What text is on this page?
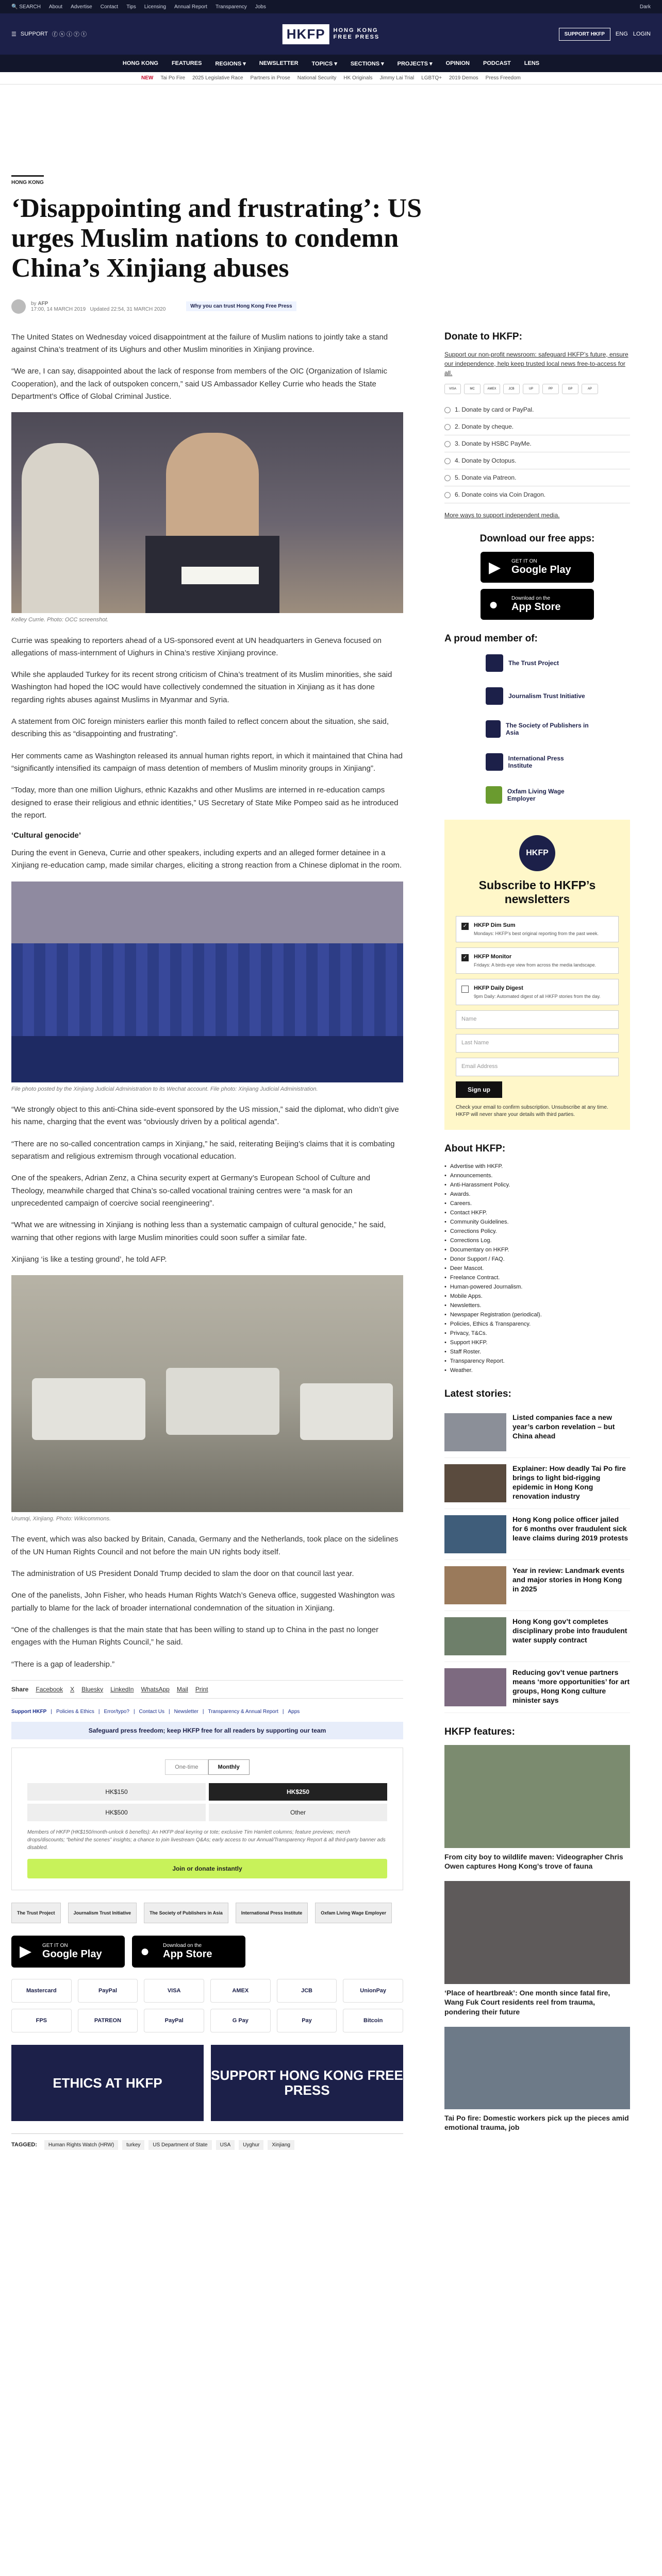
🔍 SEARCH About Advertise Contact Tips Licensing Annual Report Transparency Jobs	Dark
☰ SUPPORT ⓕ ⓧ ⓘ ⓨ ⓣ	HKFP	HONG KONG
FREE PRESS	SUPPORT HKFP	ENG LOGIN
HONG KONG FEATURES REGIONS ▾ NEWSLETTER TOPICS ▾ SECTIONS ▾ PROJECTS ▾ OPINION PODCAST LENS
NEW Tai Po Fire 2025 Legislative Race Partners in Prose National Security HK Originals Jimmy Lai Trial LGBTQ+ 2019 Demos Press Freedom
HONG KONG
‘Disappointing and frustrating’: US urges Muslim nations to condemn China’s Xinjiang abuses
by AFP
17:00, 14 MARCH 2019 Updated 22:54, 31 MARCH 2020	Why you can trust Hong Kong Free Press

The United States on Wednesday voiced disappointment at the failure of Muslim nations to jointly take a stand against China’s treatment of its Uighurs and other Muslim minorities in Xinjiang province.

“We are, I can say, disappointed about the lack of response from members of the OIC (Organization of Islamic Cooperation), and the lack of outspoken concern,” said US Ambassador Kelley Currie who heads the State Department’s Office of Global Criminal Justice.

Kelley Currie. Photo: OCC screenshot.

Currie was speaking to reporters ahead of a US-sponsored event at UN headquarters in Geneva focused on allegations of mass-internment of Uighurs in China’s restive Xinjiang province.

While she applauded Turkey for its recent strong criticism of China’s treatment of its Muslim minorities, she said Washington had hoped the IOC would have collectively condemned the situation in Xinjiang as it has done regarding rights abuses against Muslims in Myanmar and Syria.

A statement from OIC foreign ministers earlier this month failed to reflect concern about the situation, she said, describing this as “disappointing and frustrating”.

Her comments came as Washington released its annual human rights report, in which it maintained that China had “significantly intensified its campaign of mass detention of members of Muslim minority groups in Xinjiang”.

“Today, more than one million Uighurs, ethnic Kazakhs and other Muslims are interned in re-education camps designed to erase their religious and ethnic identities,” US Secretary of State Mike Pompeo said as he introduced the report.

‘Cultural genocide’

During the event in Geneva, Currie and other speakers, including experts and an alleged former detainee in a Xinjiang re-education camp, made similar charges, eliciting a strong reaction from a Chinese diplomat in the room.

File photo posted by the Xinjiang Judicial Administration to its Wechat account. File photo: Xinjiang Judicial Administration.

“We strongly object to this anti-China side-event sponsored by the US mission,” said the diplomat, who didn’t give his name, charging that the event was “obviously driven by a political agenda”.

“There are no so-called concentration camps in Xinjiang,” he said, reiterating Beijing’s claims that it is combating separatism and religious extremism through vocational education.

One of the speakers, Adrian Zenz, a China security expert at Germany’s European School of Culture and Theology, meanwhile charged that China’s so-called vocational training centres were “a mask for an unprecedented campaign of coercive social reengineering”.

“What we are witnessing in Xinjiang is nothing less than a systematic campaign of cultural genocide,” he said, warning that other regions with large Muslim minorities could soon suffer a similar fate.

Xinjiang ‘is like a testing ground’, he told AFP.

Urumqi, Xinjiang. Photo: Wikicommons.

The event, which was also backed by Britain, Canada, Germany and the Netherlands, took place on the sidelines of the UN Human Rights Council and not before the main UN rights body itself.

The administration of US President Donald Trump decided to slam the door on that council last year.

One of the panelists, John Fisher, who heads Human Rights Watch’s Geneva office, suggested Washington was partially to blame for the lack of broader international condemnation of the situation in Xinjiang.

“One of the challenges is that the main state that has been willing to stand up to China in the past no longer engages with the Human Rights Council,” he said.

“There is a gap of leadership.”

Share Facebook X Bluesky LinkedIn WhatsApp Mail Print
Support HKFP | Policies & Ethics | Error/typo? | Contact Us | Newsletter | Transparency & Annual Report | Apps
Safeguard press freedom; keep HKFP free for all readers by supporting our team
One-time	Monthly
HK$150	HK$250
HK$500	Other
Members of HKFP (HK$150/month-unlock 6 benefits): An HKFP deal keyring or tote; exclusive Tim Hamlett columns; feature previews; merch drops/discounts; “behind the scenes” insights; a chance to join livestream Q&As; early access to our Annual/Transparency Report & all third-party banner ads disabled.
Join or donate instantly
The Trust Project	Journalism Trust Initiative	The Society of Publishers in Asia	International Press Institute	Oxfam Living Wage Employer
▶	GET IT ON
Google Play	●	Download on the
App Store
Mastercard	PayPal	VISA	AMEX	JCB	UnionPay
FPS	PATREON	PayPal	G Pay	Pay	Bitcoin
ETHICS AT HKFP	SUPPORT HONG KONG FREE PRESS
TAGGED:	Human Rights Watch (HRW)	turkey	US Department of State	USA	Uyghur	Xinjiang
Donate to HKFP:

Support our non-profit newsroom: safeguard HKFP’s future, ensure our independence, help keep trusted local news free-to-access for all.

VISA	MC	AMEX	JCB	UP	PP	GP	AP
1. Donate by card or PayPal.
2. Donate by cheque.
3. Donate by HSBC PayMe.
4. Donate by Octopus.
5. Donate via Patreon.
6. Donate coins via Coin Dragon.

More ways to support independent media.

Download our free apps:
▶	GET IT ON
Google Play
●	Download on the
App Store
A proud member of:
The Trust Project
Journalism Trust Initiative
The Society of Publishers in Asia
International Press Institute
Oxfam Living Wage Employer
HKFP
Subscribe to HKFP’s newsletters
✓ HKFP Dim Sum
Mondays: HKFP’s best original reporting from the past week.
✓ HKFP Monitor
Fridays: A birds-eye view from across the media landscape.
HKFP Daily Digest
9pm Daily: Automated digest of all HKFP stories from the day.
Name
Last Name
Email Address
Sign up
Check your email to confirm subscription. Unsubscribe at any time. HKFP will never share your details with third parties.
About HKFP:
• Advertise with HKFP.
• Announcements.
• Anti-Harassment Policy.
• Awards.
• Careers.
• Contact HKFP.
• Community Guidelines.
• Corrections Policy.
• Corrections Log.
• Documentary on HKFP.
• Donor Support / FAQ.
• Deer Mascot.
• Freelance Contract.
• Human-powered Journalism.
• Mobile Apps.
• Newsletters.
• Newspaper Registration (periodical).
• Policies, Ethics & Transparency.
• Privacy, T&Cs.
• Support HKFP.
• Staff Roster.
• Transparency Report.
• Weather.
Latest stories:
Listed companies face a new year’s carbon revelation – but China ahead
Explainer: How deadly Tai Po fire brings to light bid-rigging epidemic in Hong Kong renovation industry
Hong Kong police officer jailed for 6 months over fraudulent sick leave claims during 2019 protests
Year in review: Landmark events and major stories in Hong Kong in 2025
Hong Kong gov’t completes disciplinary probe into fraudulent water supply contract
Reducing gov’t venue partners means ‘more opportunities’ for art groups, Hong Kong culture minister says
HKFP features:
From city boy to wildlife maven: Videographer Chris Owen captures Hong Kong’s trove of fauna
‘Place of heartbreak’: One month since fatal fire, Wang Fuk Court residents reel from trauma, pondering their future
Tai Po fire: Domestic workers pick up the pieces amid emotional trauma, job
